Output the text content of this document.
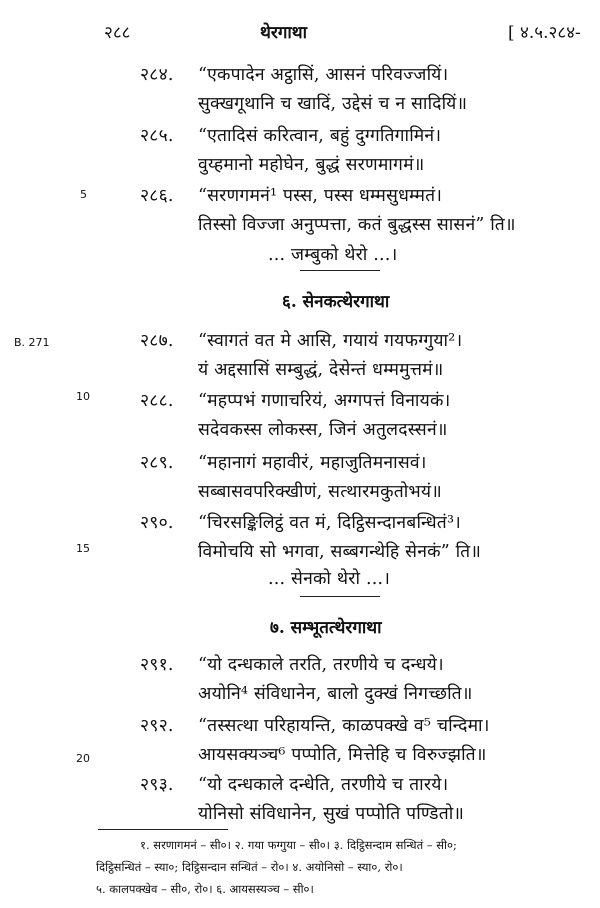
२८८	थेरगाथा	[ ४.५.२८४-
5
B. 271
10
15
20
२८४. “एकपादेन अट्ठासिं, आसनं परिवज्जयिं।
सुक्खगूथानि च खादिं, उद्देसं च न सादियिं॥
२८५. “एतादिसं करित्वान, बहुं दुग्गतिगामिनं।
वुय्हमानो महोघेन, बुद्धं सरणमागमं॥
२८६. “सरणगमनं¹ पस्स, पस्स धम्मसुधम्मतं।
तिस्सो विज्जा अनुप्पत्ता, कतं बुद्धस्स सासनं” ति॥
... जम्बुको थेरो ...।
६. सेनकत्थेरगाथा
२८७. “स्वागतं वत मे आसि, गयायं गयफग्गुया²।
यं अद्दसासिं सम्बुद्धं, देसेन्तं धम्ममुत्तमं॥
२८८. “महप्पभं गणाचरियं, अग्गपत्तं विनायकं।
सदेवकस्स लोकस्स, जिनं अतुलदस्सनं॥
२८९. “महानागं महावीरं, महाजुतिमनासवं।
सब्बासवपरिक्खीणं, सत्थारमकुतोभयं॥
२९०. “चिरसङ्किलिट्ठं वत मं, दिट्ठिसन्दानबन्धितं³।
विमोचयि सो भगवा, सब्बगन्थेहि सेनकं” ति॥
... सेनको थेरो ...।
७. सम्भूतत्थेरगाथा
२९१. “यो दन्धकाले तरति, तरणीये च दन्धये।
अयोनि⁴ संविधानेन, बालो दुक्खं निगच्छति॥
२९२. “तस्सत्था परिहायन्ति, काळपक्खे व⁵ चन्दिमा।
आयसक्यञ्च⁶ पप्पोति, मित्तेहि च विरुज्झति॥
२९३. “यो दन्धकाले दन्धेति, तरणीये च तारये।
योनिसो संविधानेन, सुखं पप्पोति पण्डितो॥
१. सरणागमनं – सी०। २. गया फग्गुया – सी०। ३. दिट्ठिसन्दाम सन्धितं – सी०;
दिट्ठिसन्धितं – स्या०; दिट्ठिसन्दान सन्धितं – रो०। ४. अयोनिसो – स्या०, रो०।
५. कालपक्खेव – सी०, रो०। ६. आयसस्यञ्च – सी०।
